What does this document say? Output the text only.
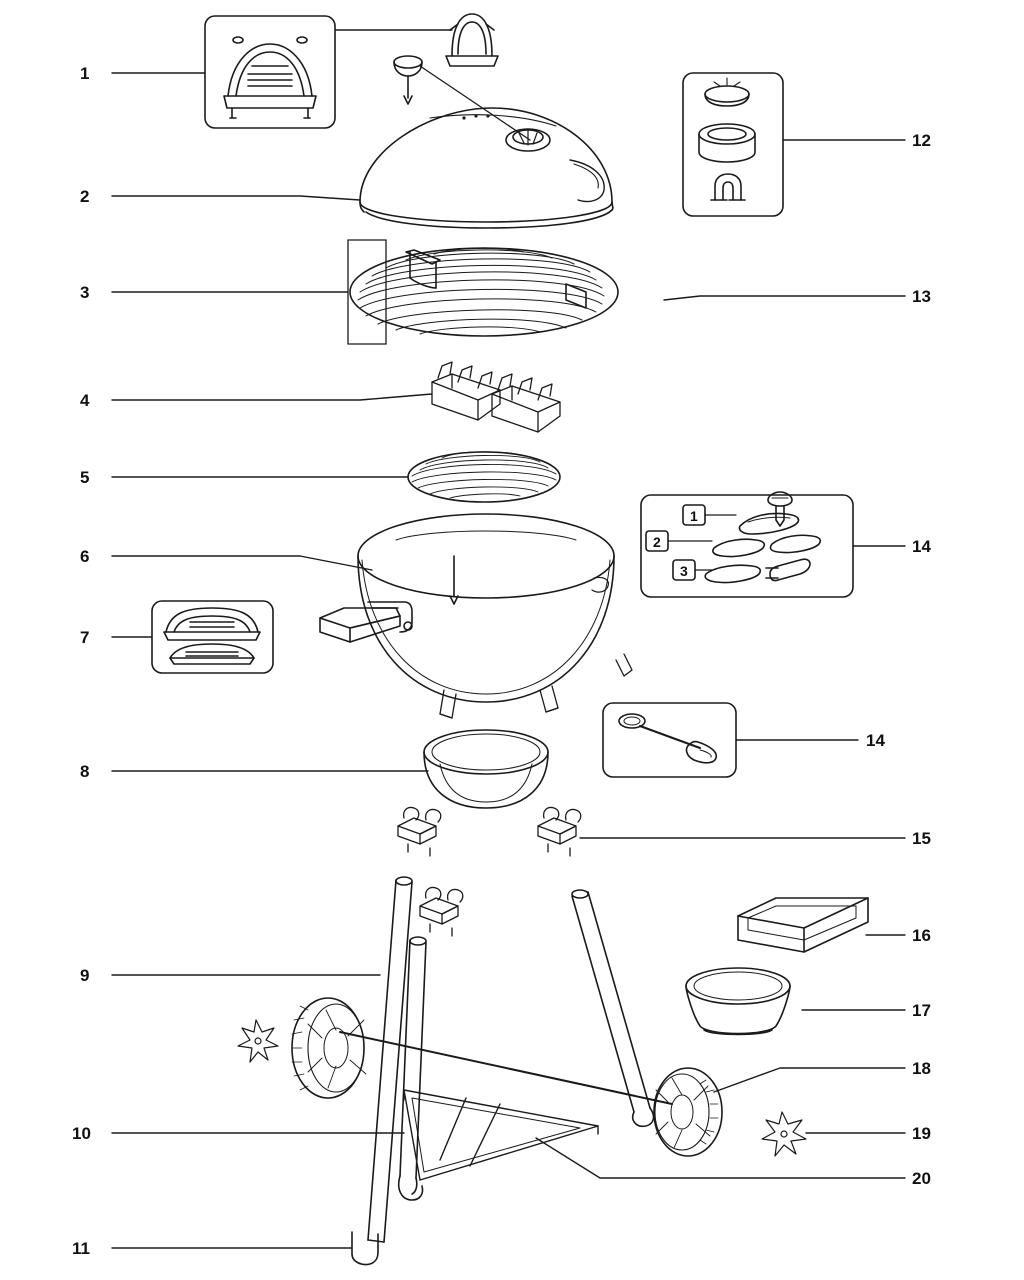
1
2
3
4
5
6
7
8
9
10
11
12
13
14
14
15
16
17
18
19
20
1
2
3
